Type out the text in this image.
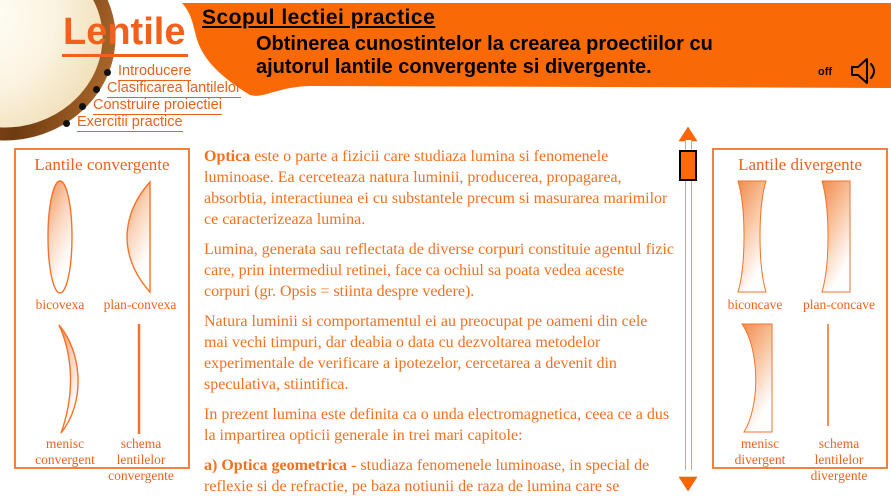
Scopul lectiei practice
Obtinerea cunostintelor la crearea proectiilor cu
ajutorul lantile convergente si divergente.	off
Lentile
Introducere
Clasificarea lantilelor
Construire proiectiei
Exercitii practice
Lantile convergente
bicovexa	plan-convexa
menisc
convergent
schema lentilelor
convergente
Lantile divergente
biconcave	plan-concave
menisc
divergent
schema lentilelor
divergente

Optica este o parte a fizicii care studiaza lumina si fenomenele luminoase. Ea cerceteaza natura luminii, producerea, propagarea, absorbtia, interactiunea ei cu substantele precum si masurarea marimilor ce caracterizeaza lumina.

Lumina, generata sau reflectata de diverse corpuri constituie agentul fizic care, prin intermediul retinei, face ca ochiul sa poata vedea aceste corpuri (gr. Opsis = stiinta despre vedere).

Natura luminii si comportamentul ei au preocupat pe oameni din cele mai vechi timpuri, dar deabia o data cu dezvoltarea metodelor experimentale de verificare a ipotezelor, cercetarea a devenit din speculativa, stiintifica.

In prezent lumina este definita ca o unda electromagnetica, ceea ce a dus la impartirea opticii generale in trei mari capitole:

a) Optica geometrica - studiaza fenomenele luminoase, in special de reflexie si de refractie, pe baza notiunii de raza de lumina care se
